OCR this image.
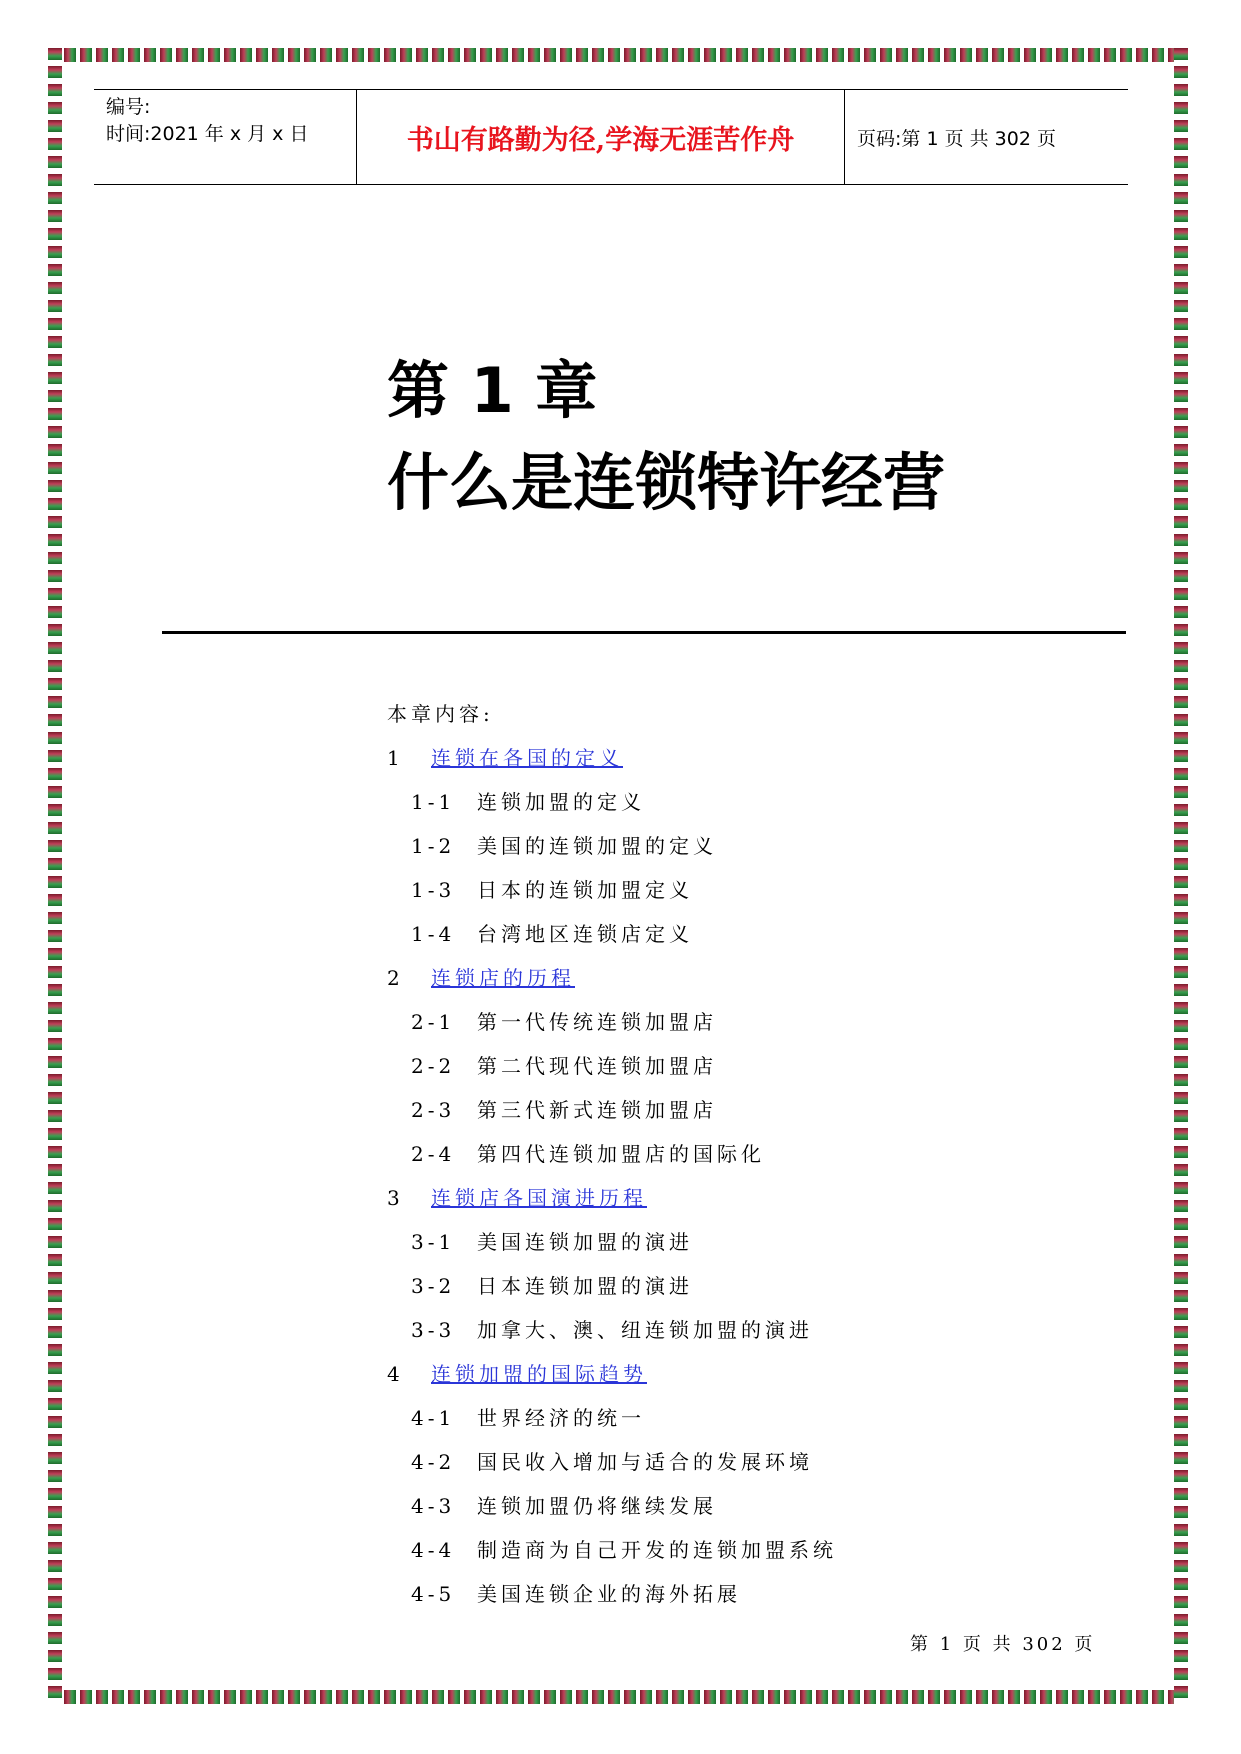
编号:
时间:2021 年 x 月 x 日	书山有路勤为径,学海无涯苦作舟	页码:第 1 页 共 302 页
第 1 章
什么是连锁特许经营
本章内容:
1 连锁在各国的定义
1-1 连锁加盟的定义
1-2 美国的连锁加盟的定义
1-3 日本的连锁加盟定义
1-4 台湾地区连锁店定义
2 连锁店的历程
2-1 第一代传统连锁加盟店
2-2 第二代现代连锁加盟店
2-3 第三代新式连锁加盟店
2-4 第四代连锁加盟店的国际化
3 连锁店各国演进历程
3-1 美国连锁加盟的演进
3-2 日本连锁加盟的演进
3-3 加拿大、澳、纽连锁加盟的演进
4 连锁加盟的国际趋势
4-1 世界经济的统一
4-2 国民收入增加与适合的发展环境
4-3 连锁加盟仍将继续发展
4-4 制造商为自己开发的连锁加盟系统
4-5 美国连锁企业的海外拓展
第 1 页 共 302 页
